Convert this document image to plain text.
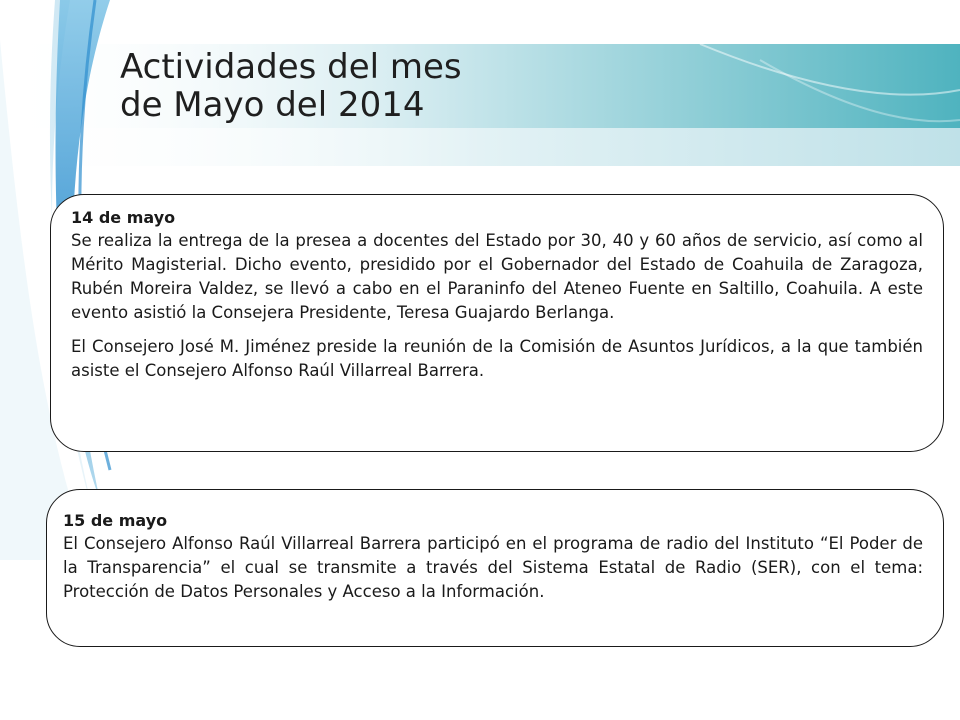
Actividades del mes
de Mayo del 2014
14 de mayo

Se realiza la entrega de la presea a docentes del Estado por 30, 40 y 60 años de servicio, así como al Mérito Magisterial. Dicho evento, presidido por el Gobernador del Estado de Coahuila de Zaragoza, Rubén Moreira Valdez, se llevó a cabo en el Paraninfo del Ateneo Fuente en Saltillo, Coahuila. A este evento asistió la Consejera Presidente, Teresa Guajardo Berlanga.

El Consejero José M. Jiménez preside la reunión de la Comisión de Asuntos Jurídicos, a la que también asiste el Consejero Alfonso Raúl Villarreal Barrera.

15 de mayo

El Consejero Alfonso Raúl Villarreal Barrera participó en el programa de radio del Instituto “El Poder de la Transparencia” el cual se transmite a través del Sistema Estatal de Radio (SER), con el tema: Protección de Datos Personales y Acceso a la Información.
